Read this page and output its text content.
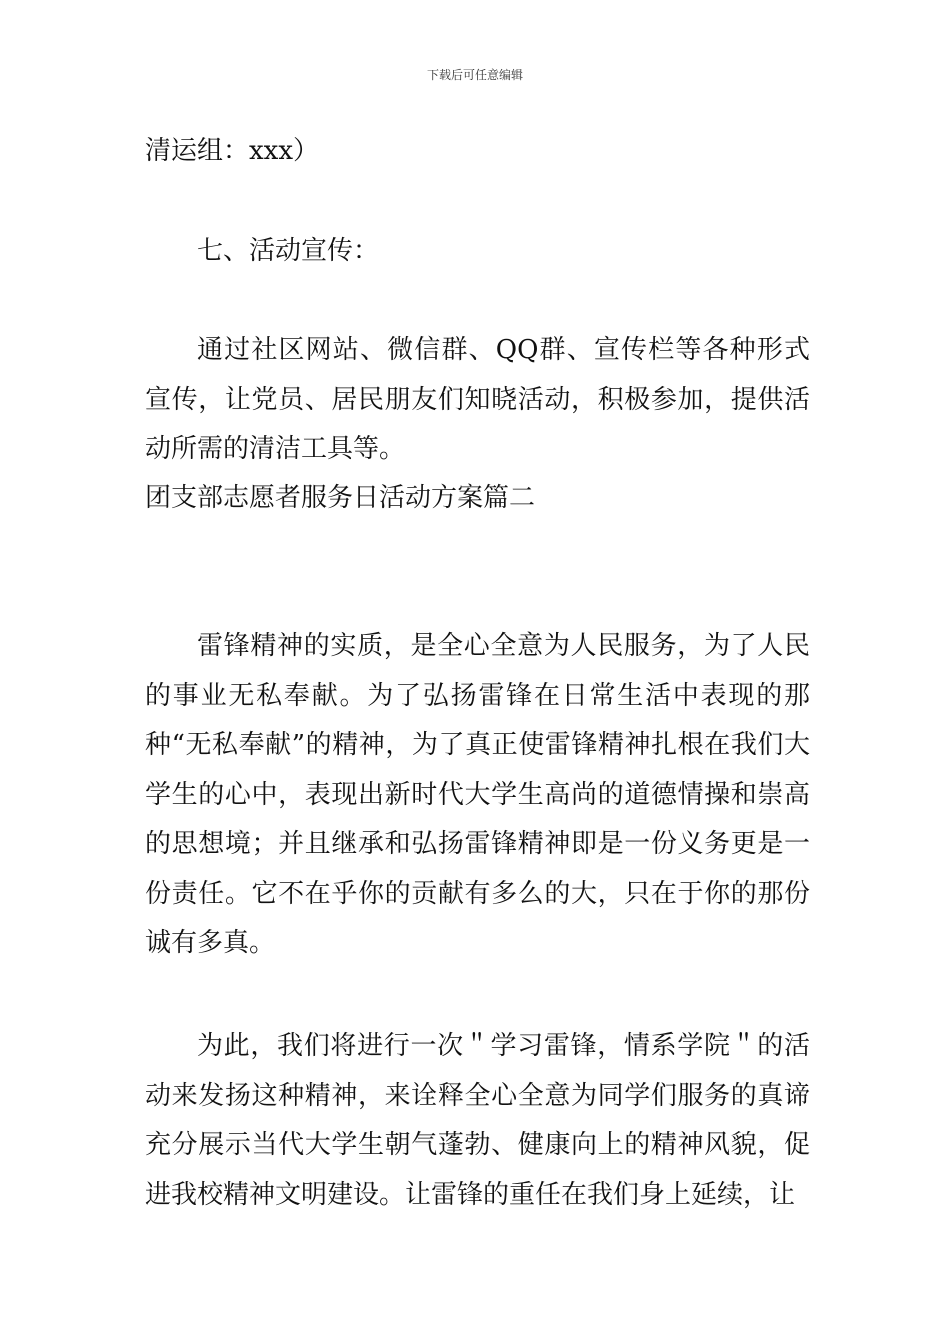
下载后可任意编辑
清运组：xxx）
七、活动宣传：
通过社区网站、微信群、QQ群、宣传栏等各种形式宣传，让党员、居民朋友们知晓活动，积极参加，提供活动所需的清洁工具等。
团支部志愿者服务日活动方案篇二
雷锋精神的实质，是全心全意为人民服务，为了人民的事业无私奉献。为了弘扬雷锋在日常生活中表现的那种“无私奉献”的精神，为了真正使雷锋精神扎根在我们大学生的心中，表现出新时代大学生高尚的道德情操和崇高的思想境；并且继承和弘扬雷锋精神即是一份义务更是一份责任。它不在乎你的贡献有多么的大，只在于你的那份诚有多真。
为此，我们将进行一次＂学习雷锋，情系学院＂的活动来发扬这种精神，来诠释全心全意为同学们服务的真谛充分展示当代大学生朝气蓬勃、健康向上的精神风貌，促进我校精神文明建设。让雷锋的重任在我们身上延续，让
